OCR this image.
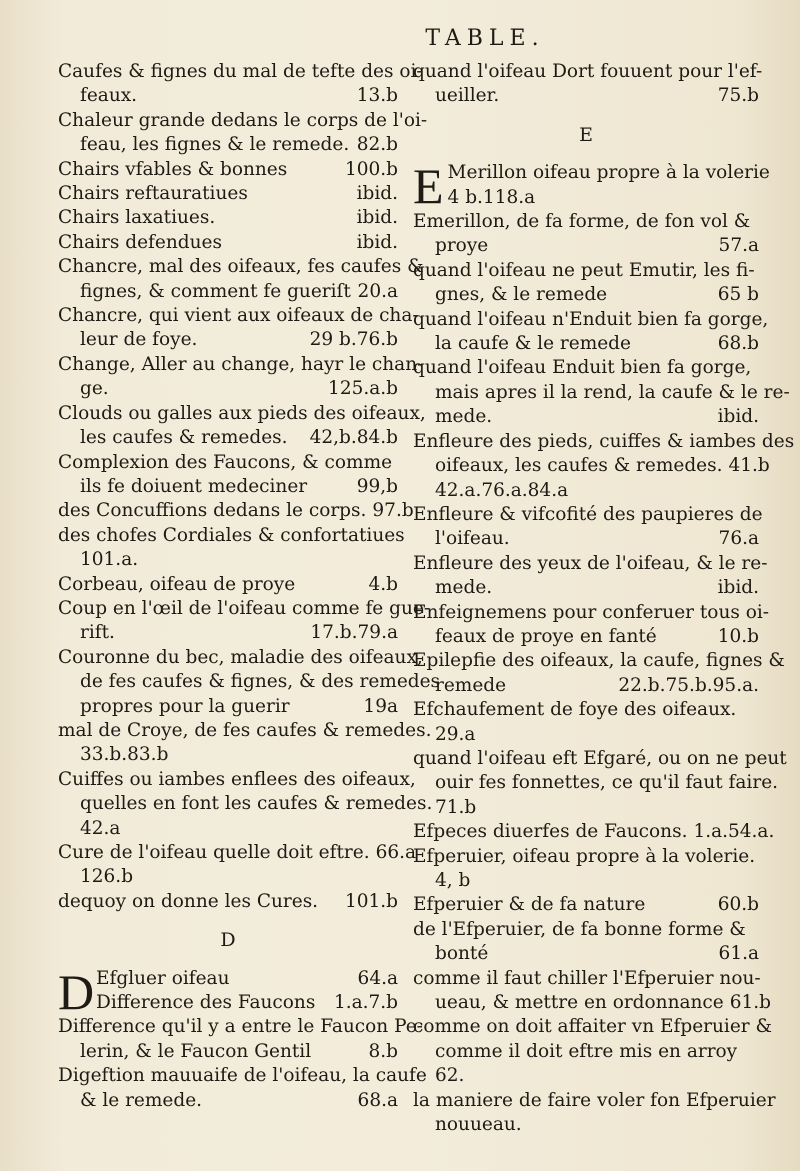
TABLE.
Caufes & fignes du mal de tefte des oi-
feaux.	13.b
Chaleur grande dedans le corps de l'oi-
feau, les fignes & le remede. 82.b
Chairs vfables & bonnes	100.b
Chairs reftauratiues	ibid.
Chairs laxatiues.	ibid.
Chairs defendues	ibid.
Chancre, mal des oifeaux, fes caufes &
fignes, & comment fe gueriſt 20.a
Chancre, qui vient aux oifeaux de cha-
leur de foye.	29 b.76.b
Change, Aller au change, hayr le chan-
ge.	125.a.b
Clouds ou galles aux pieds des oifeaux,
les caufes & remedes.	42,b.84.b
Complexion des Faucons, & comme
ils fe doiuent medeciner	99,b
des Concuffions dedans le corps. 97.b
des chofes Cordiales & confortatiues
101.a.
Corbeau, oifeau de proye	4.b
Coup en l'œil de l'oifeau comme fe gue-
rift.	17.b.79.a
Couronne du bec, maladie des oifeaux,
de fes caufes & fignes, & des remedes
propres pour la guerir	19a
mal de Croye, de fes caufes & remedes.
33.b.83.b
Cuiffes ou iambes enflees des oifeaux,
quelles en font les caufes & remedes.
42.a
Cure de l'oifeau quelle doit eftre. 66.a
126.b
dequoy on donne les Cures.	101.b
D
D Efgluer oifeau	64.a
Difference des Faucons	1.a.7.b
Difference qu'il y a entre le Faucon Pe-
lerin, & le Faucon Gentil	8.b
Digeftion mauuaife de l'oifeau, la caufe
& le remede.	68.a
quand l'oifeau Dort fouuent pour l'ef-
ueiller.	75.b
E
E Merillon oifeau propre à la volerie
4 b.118.a
Emerillon, de fa forme, de fon vol &
proye	57.a
quand l'oifeau ne peut Emutir, les fi-
gnes, & le remede	65 b
quand l'oifeau n'Enduit bien fa gorge,
la caufe & le remede	68.b
quand l'oifeau Enduit bien fa gorge,
mais apres il la rend, la caufe & le re-
mede.	ibid.
Enfleure des pieds, cuiffes & iambes des
oifeaux, les caufes & remedes. 41.b
42.a.76.a.84.a
Enfleure & vifcofité des paupieres de
l'oifeau.	76.a
Enfleure des yeux de l'oifeau, & le re-
mede.	ibid.
Enfeignemens pour conferuer tous oi-
feaux de proye en fanté	10.b
Epilepfie des oifeaux, la caufe, fignes &
remede	22.b.75.b.95.a.
Efchaufement de foye des oifeaux.
29.a
quand l'oifeau eft Efgaré, ou on ne peut
ouir fes fonnettes, ce qu'il faut faire.
71.b
Efpeces diuerfes de Faucons. 1.a.54.a.
Efperuier, oifeau propre à la volerie.
4, b
Efperuier & de fa nature	60.b
de l'Efperuier, de fa bonne forme &
bonté	61.a
comme il faut chiller l'Efperuier nou-
ueau, & mettre en ordonnance 61.b
comme on doit affaiter vn Efperuier &
comme il doit eftre mis en arroy
62.
la maniere de faire voler fon Efperuier
nouueau.
